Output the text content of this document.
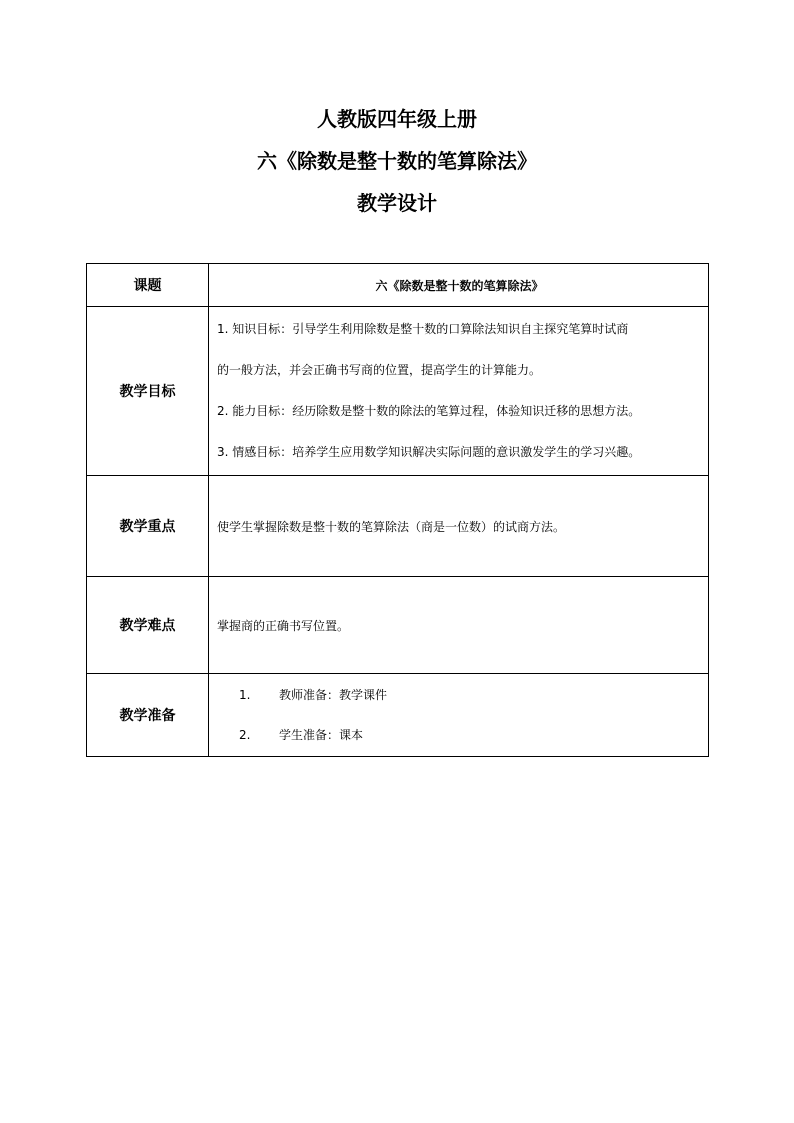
人教版四年级上册
六《除数是整十数的笔算除法》
教学设计
课题	六《除数是整十数的笔算除法》
教学目标	1. 知识目标：引导学生利用除数是整十数的口算除法知识自主探究笔算时试商
的一般方法，并会正确书写商的位置，提高学生的计算能力。
2. 能力目标：经历除数是整十数的除法的笔算过程，体验知识迁移的思想方法。
3. 情感目标：培养学生应用数学知识解决实际问题的意识激发学生的学习兴趣。

教学重点	使学生掌握除数是整十数的笔算除法（商是一位数）的试商方法。
教学难点	掌握商的正确书写位置。
教学准备	1. 教师准备：教学课件
2. 学生准备：课本
